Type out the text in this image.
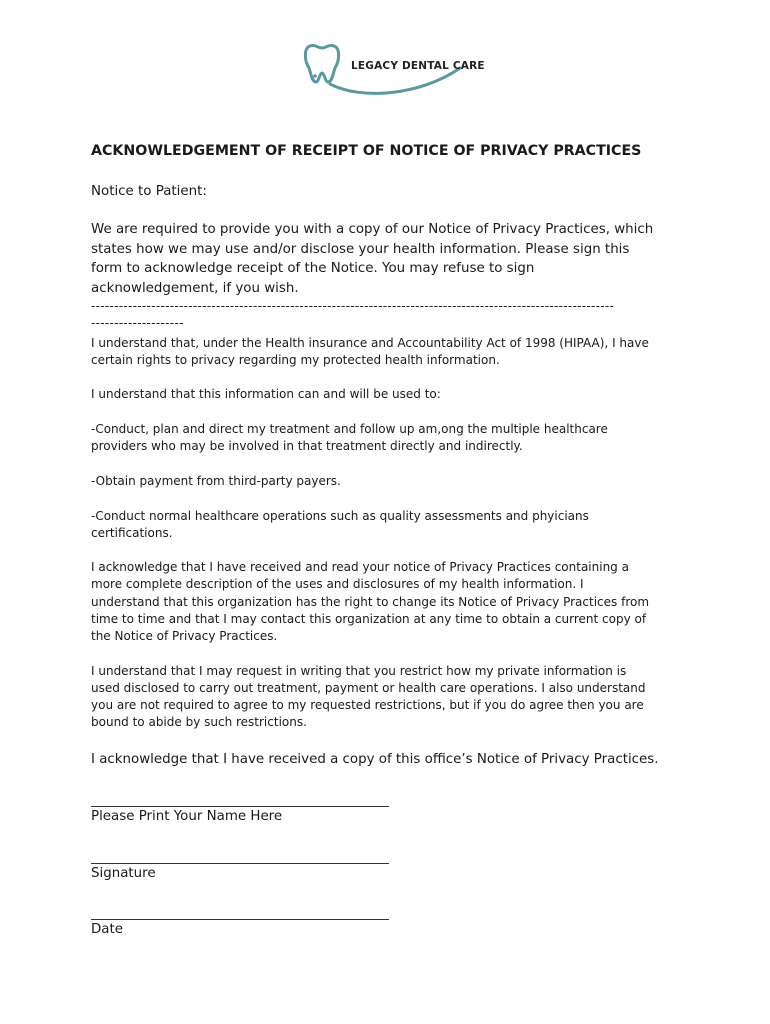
LEGACY DENTAL CARE
ACKNOWLEDGEMENT OF RECEIPT OF NOTICE OF PRIVACY PRACTICES

Notice to Patient:

We are required to provide you with a copy of our Notice of Privacy Practices, which

states how we may use and/or disclose your health information. Please sign this

form to acknowledge receipt of the Notice. You may refuse to sign

acknowledgement, if you wish.

-----------------------------------------------------------------------------------------------------------------
--------------------

I understand that, under the Health insurance and Accountability Act of 1998 (HIPAA), I have

certain rights to privacy regarding my protected health information.

I understand that this information can and will be used to:

-Conduct, plan and direct my treatment and follow up am,ong the multiple healthcare

providers who may be involved in that treatment directly and indirectly.

-Obtain payment from third-party payers.

-Conduct normal healthcare operations such as quality assessments and phyicians

certifications.

I acknowledge that I have received and read your notice of Privacy Practices containing a

more complete description of the uses and disclosures of my health information. I

understand that this organization has the right to change its Notice of Privacy Practices from

time to time and that I may contact this organization at any time to obtain a current copy of

the Notice of Privacy Practices.

I understand that I may request in writing that you restrict how my private information is

used disclosed to carry out treatment, payment or health care operations. I also understand

you are not required to agree to my requested restrictions, but if you do agree then you are

bound to abide by such restrictions.

I acknowledge that I have received a copy of this office’s Notice of Privacy Practices.

Please Print Your Name Here
Signature
Date
